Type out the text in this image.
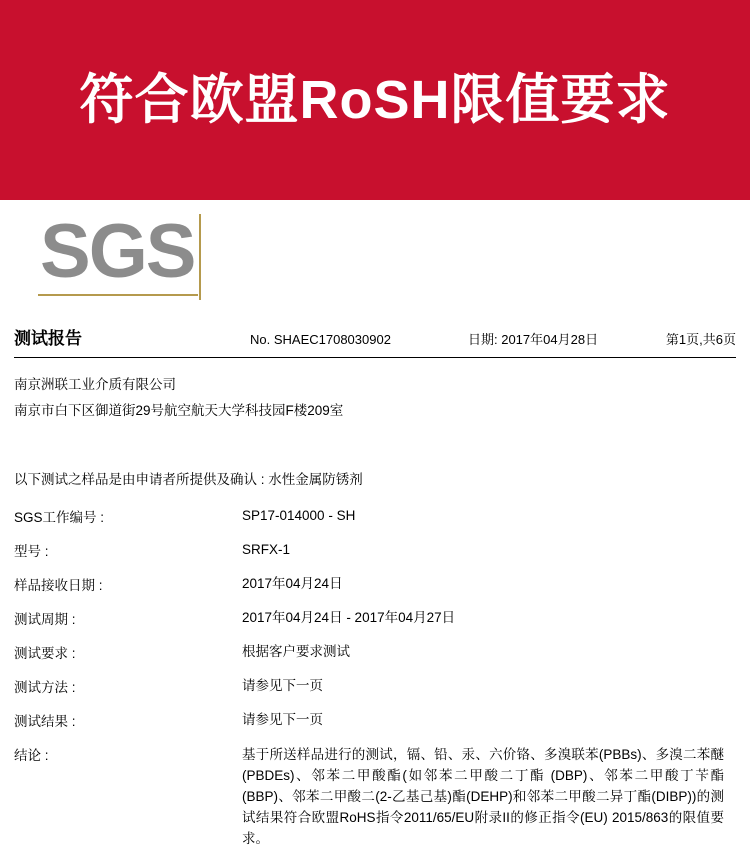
符合欧盟RoSH限值要求
SGS
测试报告	No. SHAEC1708030902	日期: 2017年04月28日	第1页,共6页
南京洲联工业介质有限公司
南京市白下区御道街29号航空航天大学科技园F楼209室
以下测试之样品是由申请者所提供及确认 : 水性金属防锈剂
SGS工作编号 :	SP17-014000 - SH
型号 :	SRFX-1
样品接收日期 :	2017年04月24日
测试周期 :	2017年04月24日 - 2017年04月27日
测试要求 :	根据客户要求测试
测试方法 :	请参见下一页
测试结果 :	请参见下一页
结论 :	基于所送样品进行的测试，镉、铅、汞、六价铬、多溴联苯(PBBs)、多溴二苯醚(PBDEs)、邻苯二甲酸酯(如邻苯二甲酸二丁酯 (DBP)、邻苯二甲酸丁苄酯(BBP)、邻苯二甲酸二(2-乙基己基)酯(DEHP)和邻苯二甲酸二异丁酯(DIBP))的测试结果符合欧盟RoHS指令2011/65/EU附录II的修正指令(EU) 2015/863的限值要求。
